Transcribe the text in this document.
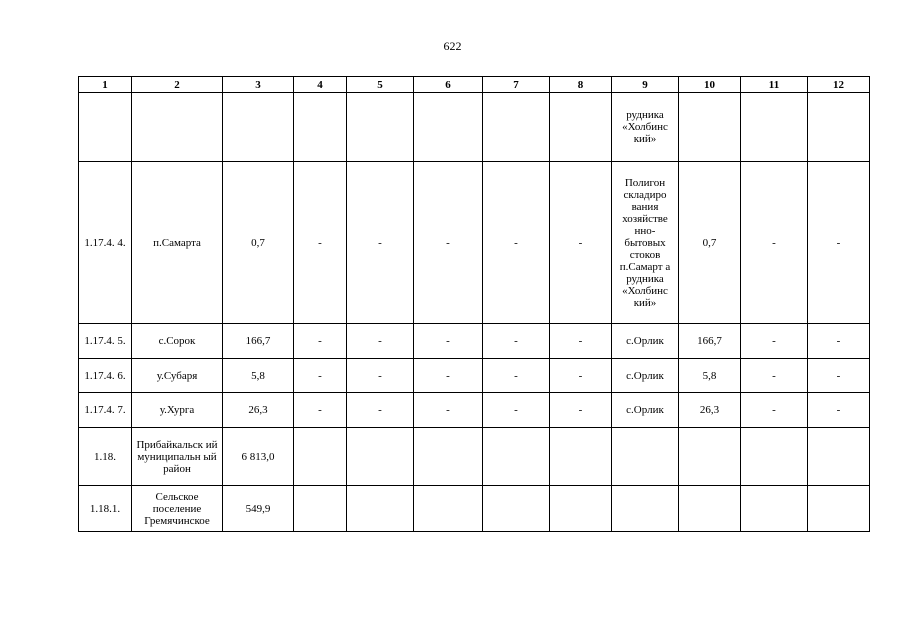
622
1	2	3	4	5	6	7	8	9	10	11	12
								рудника «Холбинс кий»			
1.17.4. 4.	п.Самарта	0,7	-	-	-	-	-	Полигон складиро вания хозяйстве нно-бытовых стоков п.Самарт а рудника «Холбинс кий»	0,7	-	-
1.17.4. 5.	с.Сорок	166,7	-	-	-	-	-	с.Орлик	166,7	-	-
1.17.4. 6.	у.Субаря	5,8	-	-	-	-	-	с.Орлик	5,8	-	-
1.17.4. 7.	у.Хурга	26,3	-	-	-	-	-	с.Орлик	26,3	-	-
1.18.	Прибайкальск ий муниципальн ый район	6 813,0									
1.18.1.	Сельское поселение Гремячинское	549,9									
